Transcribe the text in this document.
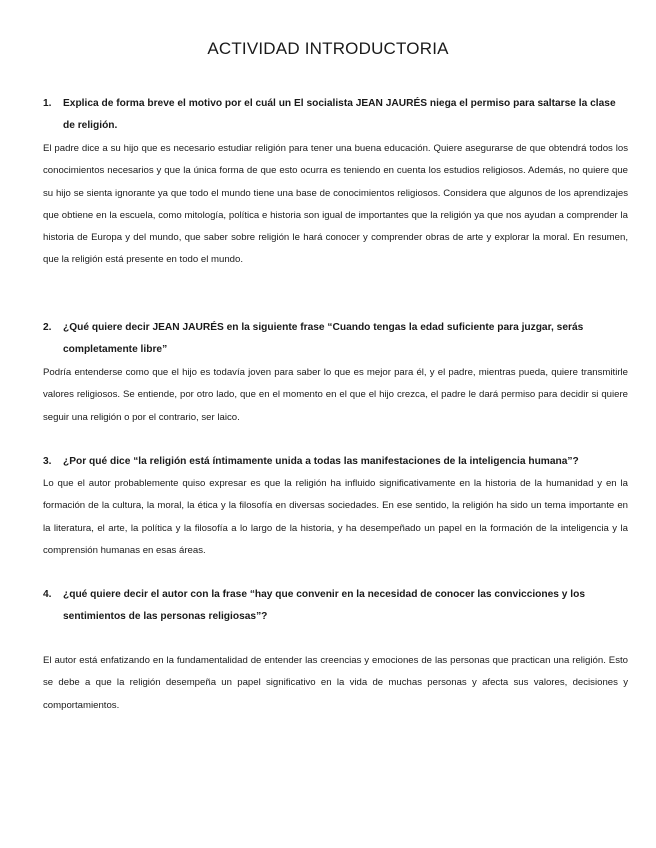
ACTIVIDAD INTRODUCTORIA
1. Explica de forma breve el motivo por el cuál un El socialista JEAN JAURÉS niega el permiso para saltarse la clase de religión.
El padre dice a su hijo que es necesario estudiar religión para tener una buena educación. Quiere asegurarse de que obtendrá todos los conocimientos necesarios y que la única forma de que esto ocurra es teniendo en cuenta los estudios religiosos. Además, no quiere que su hijo se sienta ignorante ya que todo el mundo tiene una base de conocimientos religiosos. Considera que algunos de los aprendizajes que obtiene en la escuela, como mitología, política e historia son igual de importantes que la religión ya que nos ayudan a comprender la historia de Europa y del mundo, que saber sobre religión le hará conocer y comprender obras de arte y explorar la moral. En resumen, que la religión está presente en todo el mundo.
2. ¿Qué quiere decir JEAN JAURÉS en la siguiente frase “Cuando tengas la edad suficiente para juzgar, serás completamente libre”
Podría entenderse como que el hijo es todavía joven para saber lo que es mejor para él, y el padre, mientras pueda, quiere transmitirle valores religiosos. Se entiende, por otro lado, que en el momento en el que el hijo crezca, el padre le dará permiso para decidir si quiere seguir una religión o por el contrario, ser laico.
3. ¿Por qué dice “la religión está íntimamente unida a todas las manifestaciones de la inteligencia humana”?
Lo que el autor probablemente quiso expresar es que la religión ha influido significativamente en la historia de la humanidad y en la formación de la cultura, la moral, la ética y la filosofía en diversas sociedades. En ese sentido, la religión ha sido un tema importante en la literatura, el arte, la política y la filosofía a lo largo de la historia, y ha desempeñado un papel en la formación de la inteligencia y la comprensión humanas en esas áreas.
4. ¿qué quiere decir el autor con la frase “hay que convenir en la necesidad de conocer las convicciones y los sentimientos de las personas religiosas”?
El autor está enfatizando en la fundamentalidad de entender las creencias y emociones de las personas que practican una religión. Esto se debe a que la religión desempeña un papel significativo en la vida de muchas personas y afecta sus valores, decisiones y comportamientos.
